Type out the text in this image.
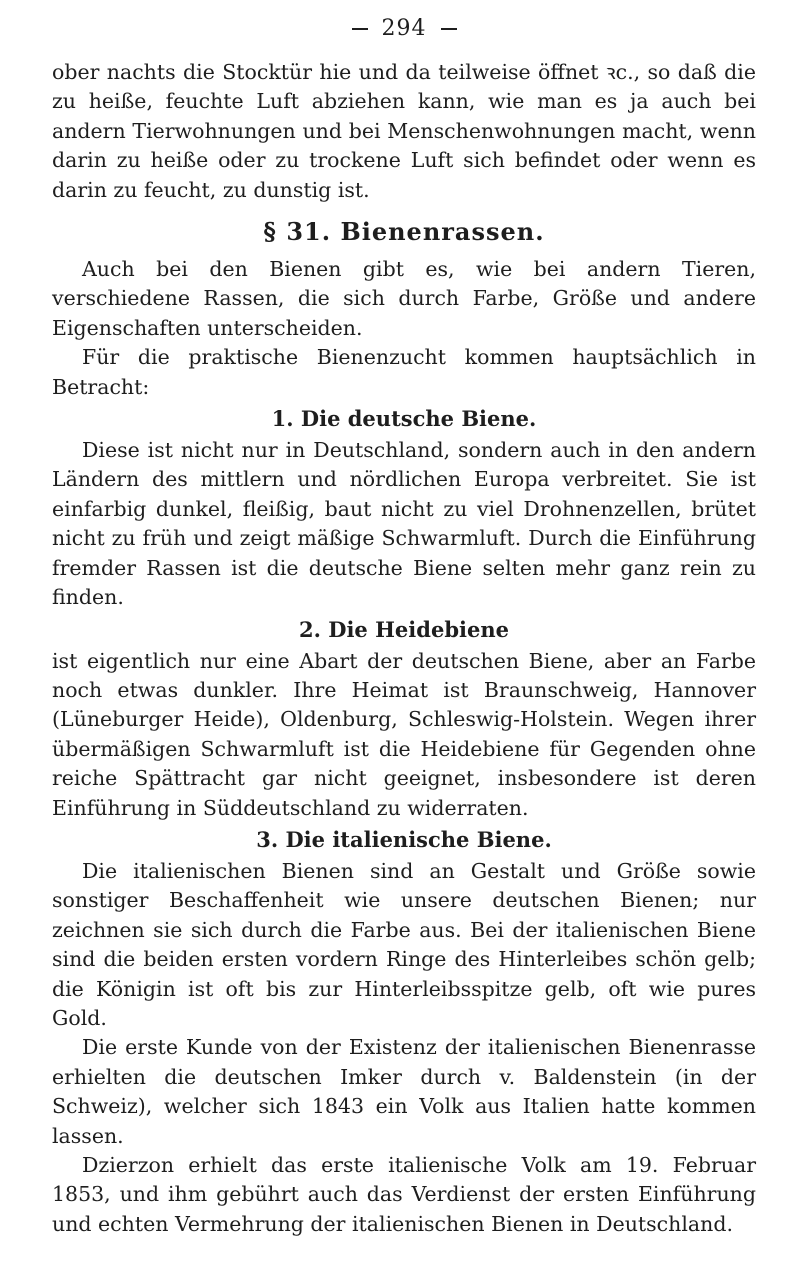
294

ober nachts die Stocktür hie und da teilweise öffnet ꝛc., so daß die zu heiße, feuchte Luft abziehen kann, wie man es ja auch bei andern Tierwohnungen und bei Menschenwohnungen macht, wenn darin zu heiße oder zu trockene Luft sich befindet oder wenn es darin zu feucht, zu dunstig ist.

§ 31. Bienenrassen.

Auch bei den Bienen gibt es, wie bei andern Tieren, verschiedene Rassen, die sich durch Farbe, Größe und andere Eigenschaften unterscheiden.

Für die praktische Bienenzucht kommen hauptsächlich in Betracht:

1. Die deutsche Biene.

Diese ist nicht nur in Deutschland, sondern auch in den andern Ländern des mittlern und nördlichen Europa verbreitet. Sie ist einfarbig dunkel, fleißig, baut nicht zu viel Drohnenzellen, brütet nicht zu früh und zeigt mäßige Schwarmluft. Durch die Einführung fremder Rassen ist die deutsche Biene selten mehr ganz rein zu finden.

2. Die Heidebiene

ist eigentlich nur eine Abart der deutschen Biene, aber an Farbe noch etwas dunkler. Ihre Heimat ist Braunschweig, Hannover (Lüneburger Heide), Oldenburg, Schleswig-Holstein. Wegen ihrer übermäßigen Schwarmluft ist die Heidebiene für Gegenden ohne reiche Spättracht gar nicht geeignet, insbesondere ist deren Einführung in Süddeutschland zu widerraten.

3. Die italienische Biene.

Die italienischen Bienen sind an Gestalt und Größe sowie sonstiger Beschaffenheit wie unsere deutschen Bienen; nur zeichnen sie sich durch die Farbe aus. Bei der italienischen Biene sind die beiden ersten vordern Ringe des Hinterleibes schön gelb; die Königin ist oft bis zur Hinterleibsspitze gelb, oft wie pures Gold.

Die erste Kunde von der Existenz der italienischen Bienenrasse erhielten die deutschen Imker durch v. Baldenstein (in der Schweiz), welcher sich 1843 ein Volk aus Italien hatte kommen lassen.

Dzierzon erhielt das erste italienische Volk am 19. Februar 1853, und ihm gebührt auch das Verdienst der ersten Einführung und echten Vermehrung der italienischen Bienen in Deutschland.
